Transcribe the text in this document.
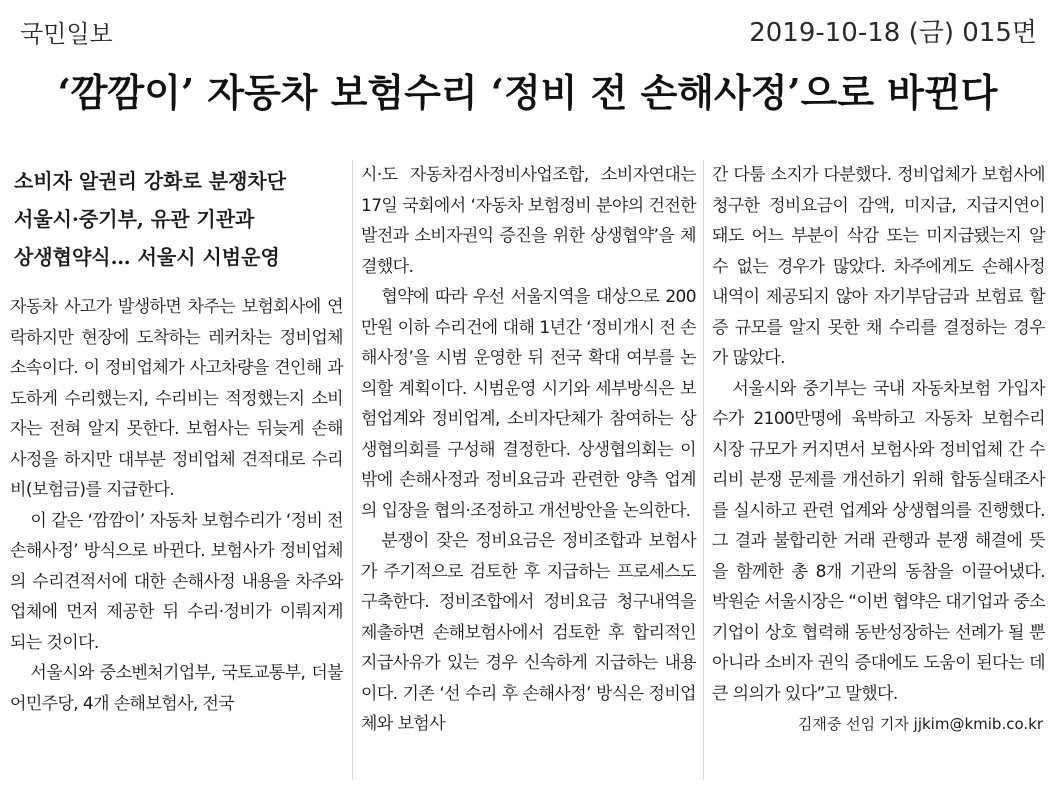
국민일보	2019-10-18 (금) 015면
‘깜깜이’ 자동차 보험수리 ‘정비 전 손해사정’으로 바뀐다
소비자 알권리 강화로 분쟁차단
서울시·중기부, 유관 기관과
상생협약식… 서울시 시범운영

자동차 사고가 발생하면 차주는 보험회사에 연락하지만 현장에 도착하는 레커차는 정비업체 소속이다. 이 정비업체가 사고차량을 견인해 과도하게 수리했는지, 수리비는 적정했는지 소비자는 전혀 알지 못한다. 보험사는 뒤늦게 손해사정을 하지만 대부분 정비업체 견적대로 수리비(보험금)를 지급한다.

이 같은 ‘깜깜이’ 자동차 보험수리가 ‘정비 전 손해사정’ 방식으로 바뀐다. 보험사가 정비업체의 수리견적서에 대한 손해사정 내용을 차주와 업체에 먼저 제공한 뒤 수리·정비가 이뤄지게 되는 것이다.

서울시와 중소벤처기업부, 국토교통부, 더불어민주당, 4개 손해보험사, 전국

시·도 자동차검사정비사업조합, 소비자연대는 17일 국회에서 ‘자동차 보험정비 분야의 건전한 발전과 소비자권익 증진을 위한 상생협약’을 체결했다.

협약에 따라 우선 서울지역을 대상으로 200만원 이하 수리건에 대해 1년간 ‘정비개시 전 손해사정’을 시범 운영한 뒤 전국 확대 여부를 논의할 계획이다. 시범운영 시기와 세부방식은 보험업계와 정비업계, 소비자단체가 참여하는 상생협의회를 구성해 결정한다. 상생협의회는 이밖에 손해사정과 정비요금과 관련한 양측 업계의 입장을 협의·조정하고 개선방안을 논의한다.

분쟁이 잦은 정비요금은 정비조합과 보험사가 주기적으로 검토한 후 지급하는 프로세스도 구축한다. 정비조합에서 정비요금 청구내역을 제출하면 손해보험사에서 검토한 후 합리적인 지급사유가 있는 경우 신속하게 지급하는 내용이다. 기존 ‘선 수리 후 손해사정’ 방식은 정비업체와 보험사

간 다툼 소지가 다분했다. 정비업체가 보험사에 청구한 정비요금이 감액, 미지급, 지급지연이 돼도 어느 부분이 삭감 또는 미지급됐는지 알 수 없는 경우가 많았다. 차주에게도 손해사정 내역이 제공되지 않아 자기부담금과 보험료 할증 규모를 알지 못한 채 수리를 결정하는 경우가 많았다.

서울시와 중기부는 국내 자동차보험 가입자 수가 2100만명에 육박하고 자동차 보험수리 시장 규모가 커지면서 보험사와 정비업체 간 수리비 분쟁 문제를 개선하기 위해 합동실태조사를 실시하고 관련 업계와 상생협의를 진행했다. 그 결과 불합리한 거래 관행과 분쟁 해결에 뜻을 함께한 총 8개 기관의 동참을 이끌어냈다. 박원순 서울시장은 “이번 협약은 대기업과 중소기업이 상호 협력해 동반성장하는 선례가 될 뿐 아니라 소비자 권익 증대에도 도움이 된다는 데 큰 의의가 있다”고 말했다.

김재중 선임 기자 jjkim@kmib.co.kr
